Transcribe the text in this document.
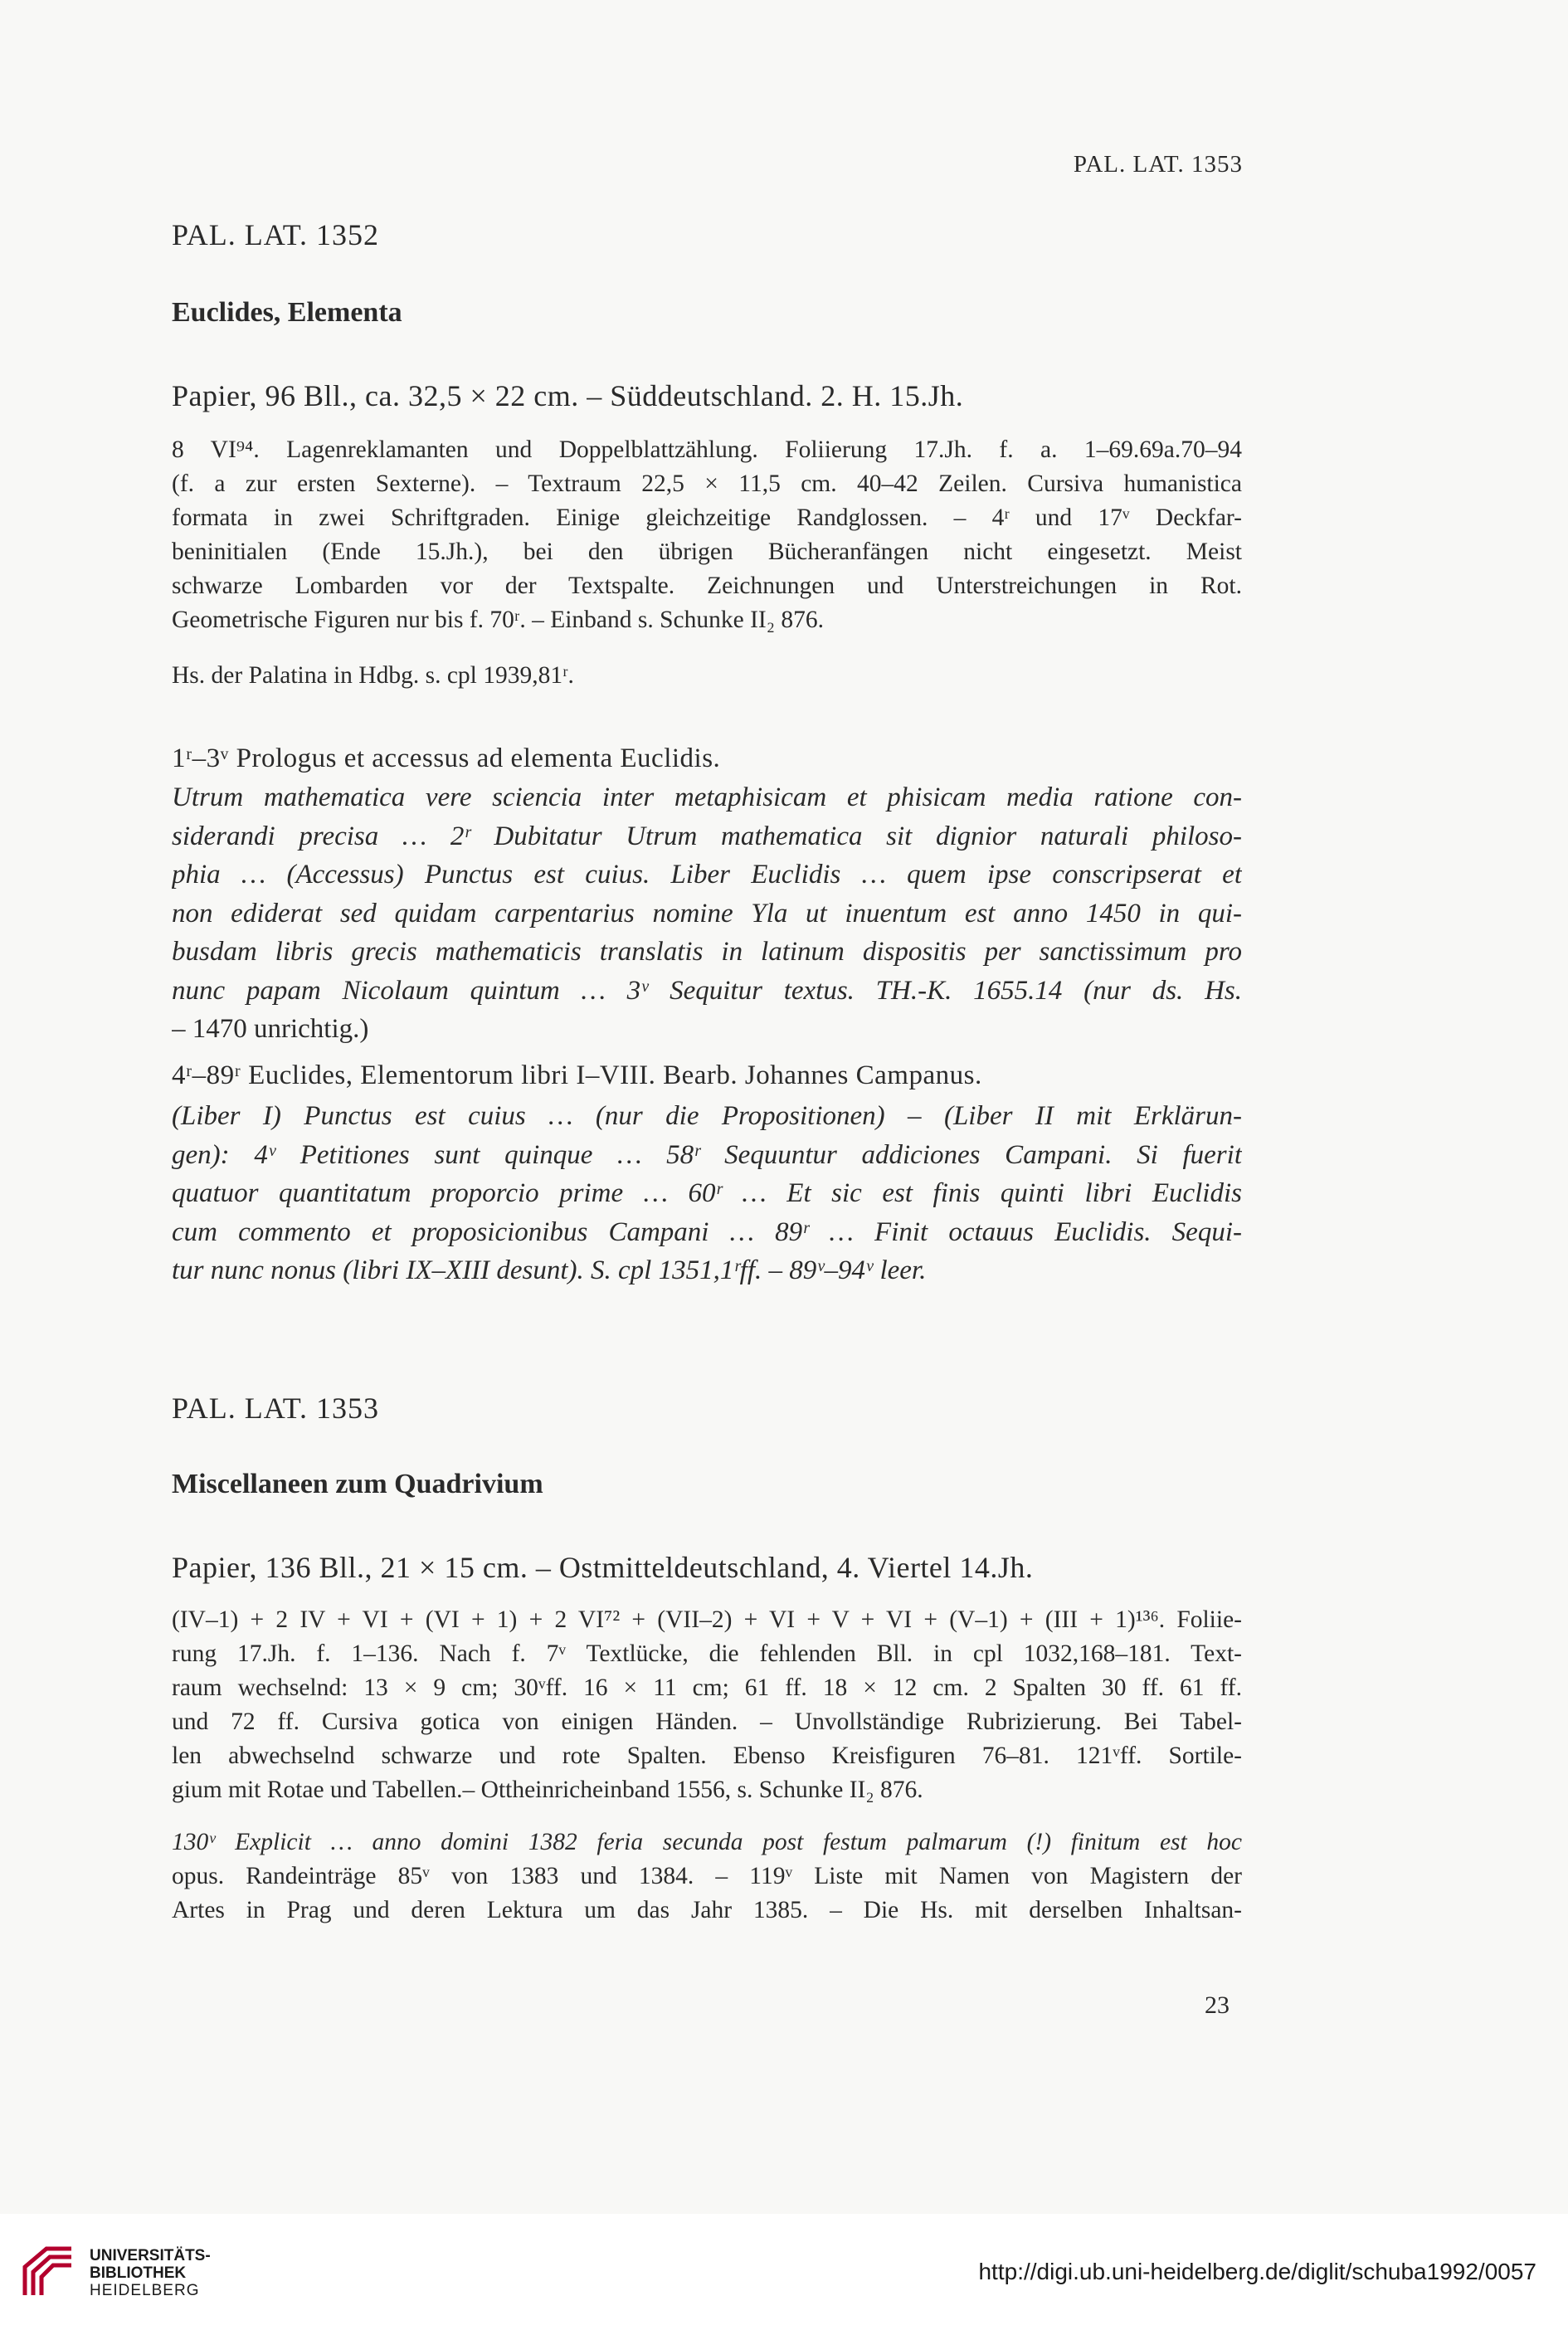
PAL. LAT. 1353

PAL. LAT. 1352

Euclides, Elementa

Papier, 96 Bll., ca. 32,5 × 22 cm. – Süddeutschland. 2. H. 15.Jh.

8 VI⁹⁴. Lagenreklamanten und Doppelblattzählung. Foliierung 17.Jh. f. a. 1–69.69a.70–94
(f. a zur ersten Sexterne). – Textraum 22,5 × 11,5 cm. 40–42 Zeilen. Cursiva humanistica
formata in zwei Schriftgraden. Einige gleichzeitige Randglossen. – 4ʳ und 17ᵛ Deckfar-
beninitialen (Ende 15.Jh.), bei den übrigen Bücheranfängen nicht eingesetzt. Meist
schwarze Lombarden vor der Textspalte. Zeichnungen und Unterstreichungen in Rot.
Geometrische Figuren nur bis f. 70ʳ. – Einband s. Schunke II₂ 876.

Hs. der Palatina in Hdbg. s. cpl 1939,81ʳ.

1ʳ–3ᵛ Prologus et accessus ad elementa Euclidis.

Utrum mathematica vere sciencia inter metaphisicam et phisicam media ratione con-
siderandi precisa … 2ʳ Dubitatur Utrum mathematica sit dignior naturali philoso-
phia … (Accessus) Punctus est cuius. Liber Euclidis … quem ipse conscripserat et
non ediderat sed quidam carpentarius nomine Yla ut inuentum est anno 1450 in qui-
busdam libris grecis mathematicis translatis in latinum dispositis per sanctissimum pro
nunc papam Nicolaum quintum … 3ᵛ Sequitur textus. TH.-K. 1655.14 (nur ds. Hs.
– 1470 unrichtig.)

4ʳ–89ʳ Euclides, Elementorum libri I–VIII. Bearb. Johannes Campanus.

(Liber I) Punctus est cuius … (nur die Propositionen) – (Liber II mit Erklärun-
gen): 4ᵛ Petitiones sunt quinque … 58ʳ Sequuntur addiciones Campani. Si fuerit
quatuor quantitatum proporcio prime … 60ʳ … Et sic est finis quinti libri Euclidis
cum commento et proposicionibus Campani … 89ʳ … Finit octauus Euclidis. Sequi-
tur nunc nonus (libri IX–XIII desunt). S. cpl 1351,1ʳff. – 89ᵛ–94ᵛ leer.

PAL. LAT. 1353

Miscellaneen zum Quadrivium

Papier, 136 Bll., 21 × 15 cm. – Ostmitteldeutschland, 4. Viertel 14.Jh.

(IV–1) + 2 IV + VI + (VI + 1) + 2 VI⁷² + (VII–2) + VI + V + VI + (V–1) + (III + 1)¹³⁶. Foliie-
rung 17.Jh. f. 1–136. Nach f. 7ᵛ Textlücke, die fehlenden Bll. in cpl 1032,168–181. Text-
raum wechselnd: 13 × 9 cm; 30ᵛff. 16 × 11 cm; 61 ff. 18 × 12 cm. 2 Spalten 30 ff. 61 ff.
und 72 ff. Cursiva gotica von einigen Händen. – Unvollständige Rubrizierung. Bei Tabel-
len abwechselnd schwarze und rote Spalten. Ebenso Kreisfiguren 76–81. 121ᵛff. Sortile-
gium mit Rotae und Tabellen.– Ottheinricheinband 1556, s. Schunke II₂ 876.

130ᵛ Explicit … anno domini 1382 feria secunda post festum palmarum (!) finitum est hoc
opus. Randeinträge 85ᵛ von 1383 und 1384. – 119ᵛ Liste mit Namen von Magistern der
Artes in Prag und deren Lektura um das Jahr 1385. – Die Hs. mit derselben Inhaltsan-

23
UNIVERSITÄTS-
BIBLIOTHEK
HEIDELBERG
http://digi.ub.uni-heidelberg.de/diglit/schuba1992/0057
